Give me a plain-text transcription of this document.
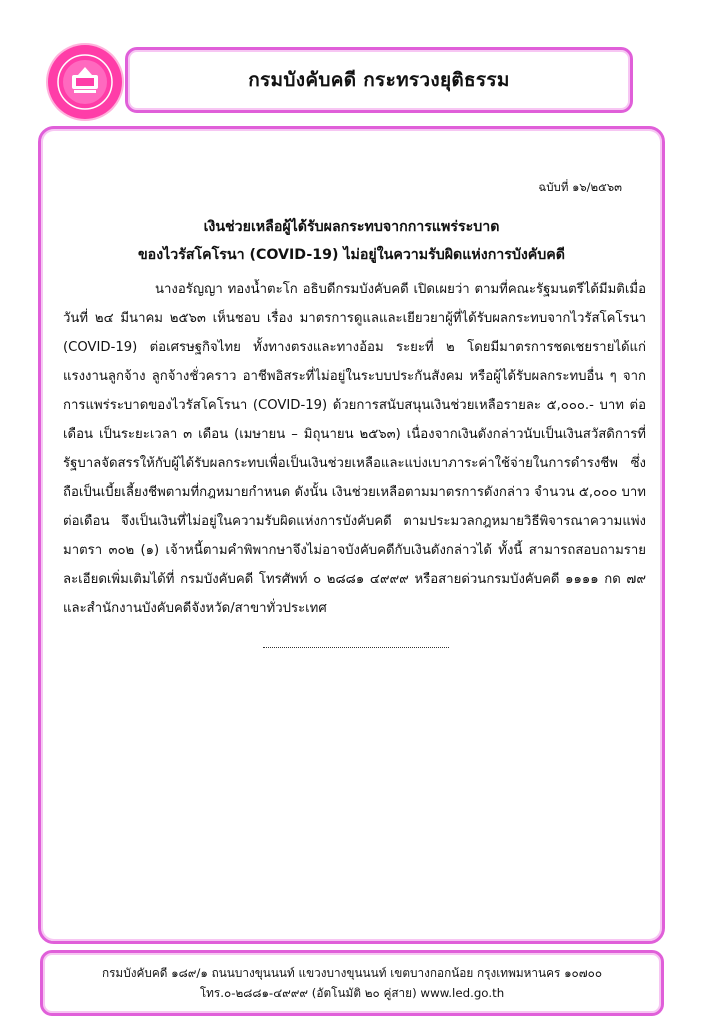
กรมบังคับคดี กระทรวงยุติธรรม
ฉบับที่ ๑๖/๒๕๖๓
เงินช่วยเหลือผู้ได้รับผลกระทบจากการแพร่ระบาด
ของไวรัสโคโรนา (COVID-19) ไม่อยู่ในความรับผิดแห่งการบังคับคดี
นางอรัญญา ทองน้ำตะโก อธิบดีกรมบังคับคดี เปิดเผยว่า ตามที่คณะรัฐมนตรีได้มีมติเมื่อวันที่ ๒๔ มีนาคม ๒๕๖๓ เห็นชอบ เรื่อง มาตรการดูแลและเยียวยาผู้ที่ได้รับผลกระทบจากไวรัสโคโรนา (COVID-19) ต่อเศรษฐกิจไทย ทั้งทางตรงและทางอ้อม ระยะที่ ๒ โดยมีมาตรการชดเชยรายได้แก่แรงงานลูกจ้าง ลูกจ้างชั่วคราว อาชีพอิสระที่ไม่อยู่ในระบบประกันสังคม หรือผู้ได้รับผลกระทบอื่น ๆ จากการแพร่ระบาดของไวรัสโคโรนา (COVID-19) ด้วยการสนับสนุนเงินช่วยเหลือรายละ ๕,๐๐๐.- บาท ต่อเดือน เป็นระยะเวลา ๓ เดือน (เมษายน – มิถุนายน ๒๕๖๓) เนื่องจากเงินดังกล่าวนับเป็นเงินสวัสดิการที่รัฐบาลจัดสรรให้กับผู้ได้รับผลกระทบเพื่อเป็นเงินช่วยเหลือและแบ่งเบาภาระค่าใช้จ่ายในการดำรงชีพ ซึ่งถือเป็นเบี้ยเลี้ยงชีพตามที่กฎหมายกำหนด ดังนั้น เงินช่วยเหลือตามมาตรการดังกล่าว จำนวน ๕,๐๐๐ บาท ต่อเดือน จึงเป็นเงินที่ไม่อยู่ในความรับผิดแห่งการบังคับคดี ตามประมวลกฎหมายวิธีพิจารณาความแพ่ง มาตรา ๓๐๒ (๑) เจ้าหนี้ตามคำพิพากษาจึงไม่อาจบังคับคดีกับเงินดังกล่าวได้ ทั้งนี้ สามารถสอบถามรายละเอียดเพิ่มเติมได้ที่ กรมบังคับคดี โทรศัพท์ ๐ ๒๘๘๑ ๔๙๙๙ หรือสายด่วนกรมบังคับคดี ๑๑๑๑ กด ๗๙ และสำนักงานบังคับคดีจังหวัด/สาขาทั่วประเทศ
กรมบังคับคดี ๑๘๙/๑ ถนนบางขุนนนท์ แขวงบางขุนนนท์ เขตบางกอกน้อย กรุงเทพมหานคร ๑๐๗๐๐
โทร.๐-๒๘๘๑-๔๙๙๙ (อัตโนมัติ ๒๐ คู่สาย) www.led.go.th
